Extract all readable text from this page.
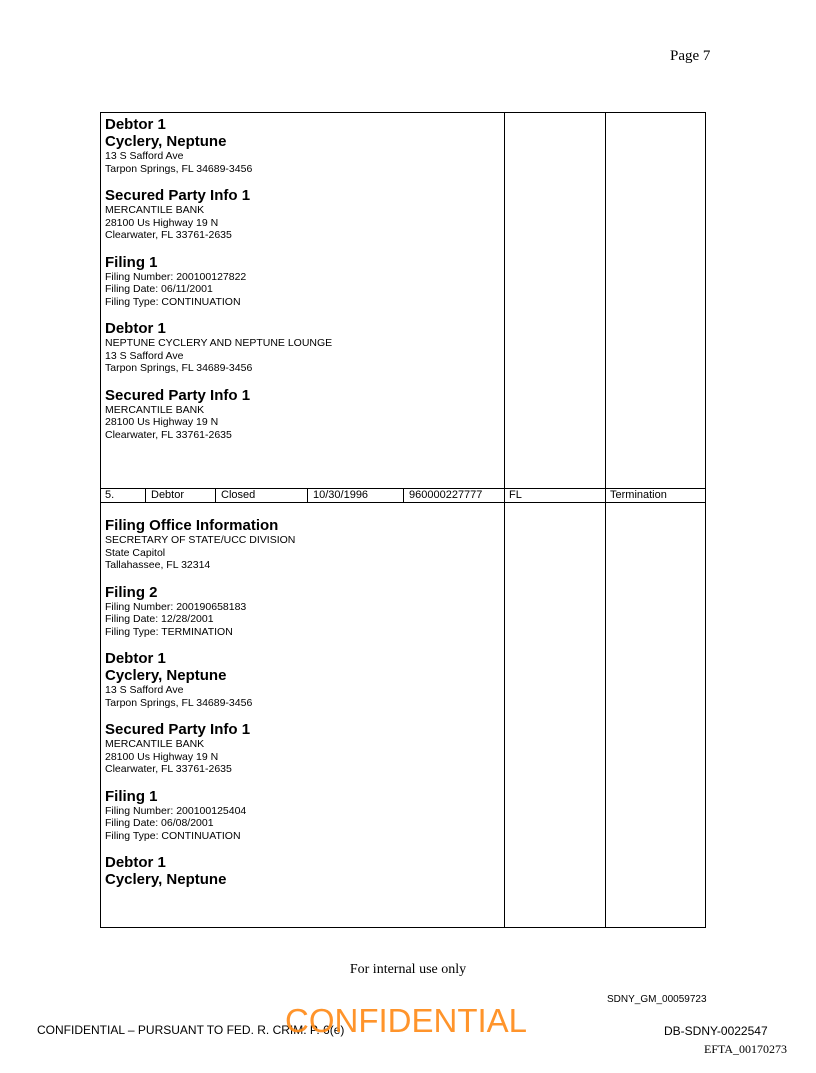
Page 7
Debtor 1
Cyclery, Neptune
13 S Safford Ave
Tarpon Springs, FL 34689-3456
Secured Party Info 1
MERCANTILE BANK
28100 Us Highway 19 N
Clearwater, FL 33761-2635
Filing 1
Filing Number: 200100127822
Filing Date: 06/11/2001
Filing Type: CONTINUATION
Debtor 1
NEPTUNE CYCLERY AND NEPTUNE LOUNGE
13 S Safford Ave
Tarpon Springs, FL 34689-3456
Secured Party Info 1
MERCANTILE BANK
28100 Us Highway 19 N
Clearwater, FL 33761-2635
5.	Debtor	Closed	10/30/1996	960000227777 FL	Termination
Filing Office Information
SECRETARY OF STATE/UCC DIVISION
State Capitol
Tallahassee, FL 32314
Filing 2
Filing Number: 200190658183
Filing Date: 12/28/2001
Filing Type: TERMINATION
Debtor 1
Cyclery, Neptune
13 S Safford Ave
Tarpon Springs, FL 34689-3456
Secured Party Info 1
MERCANTILE BANK
28100 Us Highway 19 N
Clearwater, FL 33761-2635
Filing 1
Filing Number: 200100125404
Filing Date: 06/08/2001
Filing Type: CONTINUATION
Debtor 1
Cyclery, Neptune
For internal use only
SDNY_GM_00059723
CONFIDENTIAL – PURSUANT TO FED. R. CRIM. P. 6(e)
CONFIDENTIAL	DB-SDNY-0022547
EFTA_00170273
